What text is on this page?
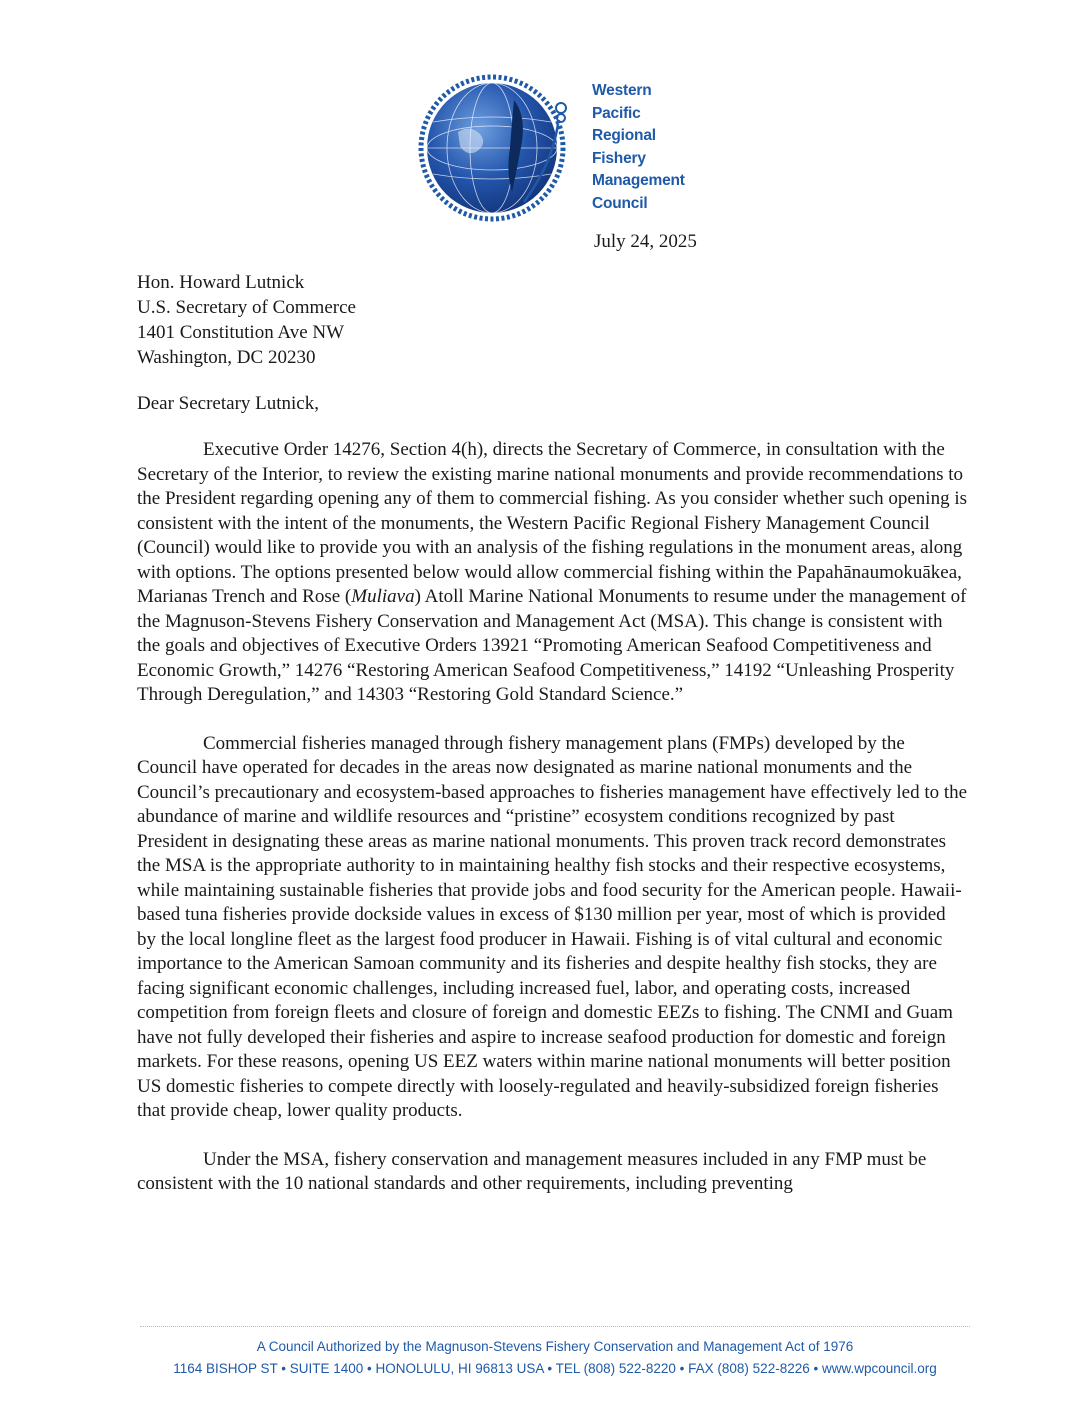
Western
Pacific
Regional
Fishery
Management
Council
July 24, 2025
Hon. Howard Lutnick
U.S. Secretary of Commerce
1401 Constitution Ave NW
Washington, DC 20230
Dear Secretary Lutnick,

Executive Order 14276, Section 4(h), directs the Secretary of Commerce, in consultation with the Secretary of the Interior, to review the existing marine national monuments and provide recommendations to the President regarding opening any of them to commercial fishing. As you consider whether such opening is consistent with the intent of the monuments, the Western Pacific Regional Fishery Management Council (Council) would like to provide you with an analysis of the fishing regulations in the monument areas, along with options. The options presented below would allow commercial fishing within the Papahānaumokuākea, Marianas Trench and Rose (Muliava) Atoll Marine National Monuments to resume under the management of the Magnuson-Stevens Fishery Conservation and Management Act (MSA). This change is consistent with the goals and objectives of Executive Orders 13921 “Promoting American Seafood Competitiveness and Economic Growth,” 14276 “Restoring American Seafood Competitiveness,” 14192 “Unleashing Prosperity Through Deregulation,” and 14303 “Restoring Gold Standard Science.”

Commercial fisheries managed through fishery management plans (FMPs) developed by the Council have operated for decades in the areas now designated as marine national monuments and the Council’s precautionary and ecosystem-based approaches to fisheries management have effectively led to the abundance of marine and wildlife resources and “pristine” ecosystem conditions recognized by past President in designating these areas as marine national monuments. This proven track record demonstrates the MSA is the appropriate authority to in maintaining healthy fish stocks and their respective ecosystems, while maintaining sustainable fisheries that provide jobs and food security for the American people. Hawaii-based tuna fisheries provide dockside values in excess of $130 million per year, most of which is provided by the local longline fleet as the largest food producer in Hawaii. Fishing is of vital cultural and economic importance to the American Samoan community and its fisheries and despite healthy fish stocks, they are facing significant economic challenges, including increased fuel, labor, and operating costs, increased competition from foreign fleets and closure of foreign and domestic EEZs to fishing. The CNMI and Guam have not fully developed their fisheries and aspire to increase seafood production for domestic and foreign markets. For these reasons, opening US EEZ waters within marine national monuments will better position US domestic fisheries to compete directly with loosely-regulated and heavily-subsidized foreign fisheries that provide cheap, lower quality products.

Under the MSA, fishery conservation and management measures included in any FMP must be consistent with the 10 national standards and other requirements, including preventing

A Council Authorized by the Magnuson-Stevens Fishery Conservation and Management Act of 1976
1164 BISHOP ST • SUITE 1400 • HONOLULU, HI 96813 USA • TEL (808) 522-8220 • FAX (808) 522-8226 • www.wpcouncil.org
